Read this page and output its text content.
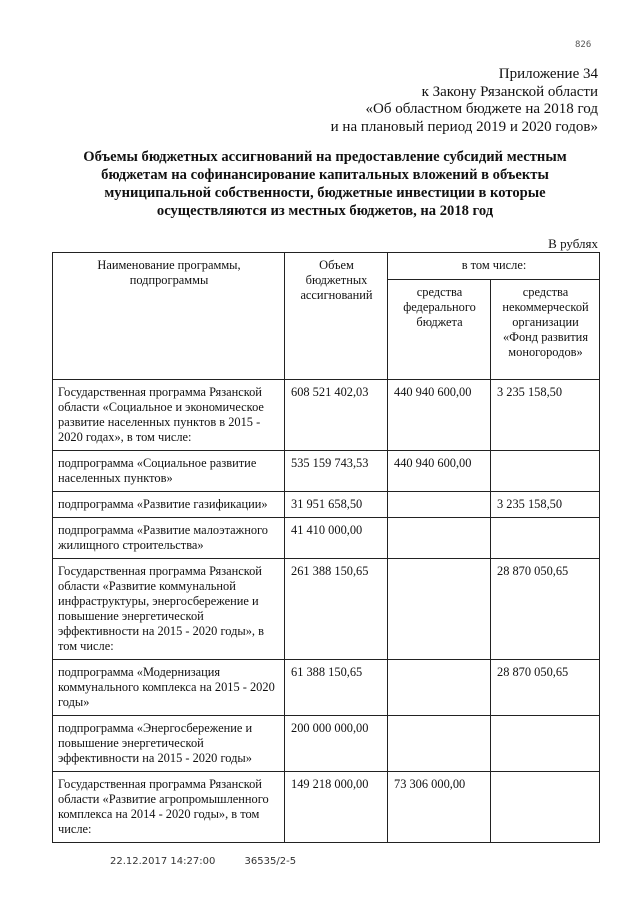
826
Приложение 34
к Закону Рязанской области
«Об областном бюджете на 2018 год
и на плановый период 2019 и 2020 годов»
Объемы бюджетных ассигнований на предоставление субсидий местным
бюджетам на софинансирование капитальных вложений в объекты
муниципальной собственности, бюджетные инвестиции в которые
осуществляются из местных бюджетов, на 2018 год
В рублях
Наименование программы, подпрограммы	Объем бюджетных ассигнований	в том числе:	
		средства федерального бюджета	средства некоммерческой организации «Фонд развития моногородов»
Государственная программа Рязанской области «Социальное и экономическое развитие населенных пунктов в 2015 - 2020 годах», в том числе:	608 521 402,03	440 940 600,00	3 235 158,50
подпрограмма «Социальное развитие населенных пунктов»	535 159 743,53	440 940 600,00	
подпрограмма «Развитие газификации»	31 951 658,50		3 235 158,50
подпрограмма «Развитие малоэтажного жилищного строительства»	41 410 000,00		
Государственная программа Рязанской области «Развитие коммунальной инфраструктуры, энергосбережение и повышение энергетической эффективности на 2015 - 2020 годы», в том числе:	261 388 150,65		28 870 050,65
подпрограмма «Модернизация коммунального комплекса на 2015 - 2020 годы»	61 388 150,65		28 870 050,65
подпрограмма «Энергосбережение и повышение энергетической эффективности на 2015 - 2020 годы»	200 000 000,00		
Государственная программа Рязанской области «Развитие агропромышленного комплекса на 2014 - 2020 годы», в том числе:	149 218 000,00	73 306 000,00	
22.12.2017 14:27:00	36535/2-5
